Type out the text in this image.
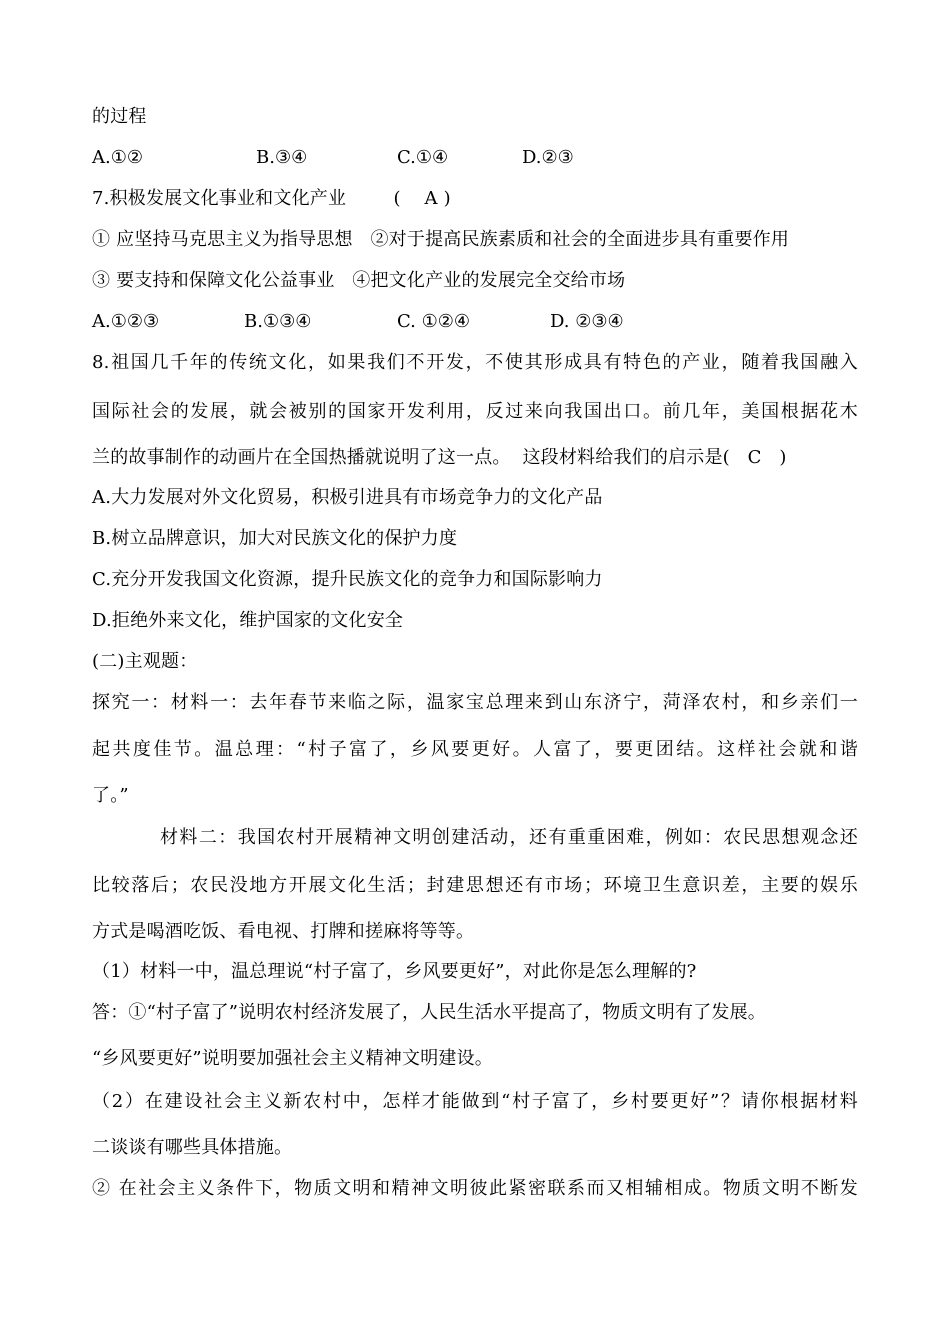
的过程

A.①②

	B.③④

	C.①④

	D.②③

7.积极发展文化事业和文化产业        (    A )
① 应坚持马克思主义为指导思想   ②对于提高民族素质和社会的全面进步具有重要作用
③ 要支持和保障文化公益事业   ④把文化产业的发展完全交给市场

A.①②③

	B.①③④

	C. ①②④

	D. ②③④

8.祖国几千年的传统文化，如果我们不开发，不使其形成具有特色的产业，随着我国融入
国际社会的发展，就会被别的国家开发利用，反过来向我国出口。前几年，美国根据花木
兰的故事制作的动画片在全国热播就说明了这一点。  这段材料给我们的启示是(   C   )
A.大力发展对外文化贸易，积极引进具有市场竞争力的文化产品
B.树立品牌意识，加大对民族文化的保护力度
C.充分开发我国文化资源，提升民族文化的竞争力和国际影响力
D.拒绝外来文化，维护国家的文化安全
(二)主观题：
探究一：材料一：去年春节来临之际，温家宝总理来到山东济宁，菏泽农村，和乡亲们一
起共度佳节。温总理：“村子富了，乡风要更好。人富了，要更团结。这样社会就和谐
了。”
材料二：我国农村开展精神文明创建活动，还有重重困难，例如：农民思想观念还
比较落后；农民没地方开展文化生活；封建思想还有市场；环境卫生意识差，主要的娱乐
方式是喝酒吃饭、看电视、打牌和搓麻将等等。
（1）材料一中，温总理说“村子富了，乡风要更好”，对此你是怎么理解的?
答：①“村子富了”说明农村经济发展了，人民生活水平提高了，物质文明有了发展。
“乡风要更好”说明要加强社会主义精神文明建设。
（2）在建设社会主义新农村中，怎样才能做到“村子富了，乡村要更好”？请你根据材料
二谈谈有哪些具体措施。
② 在社会主义条件下，物质文明和精神文明彼此紧密联系而又相辅相成。物质文明不断发
